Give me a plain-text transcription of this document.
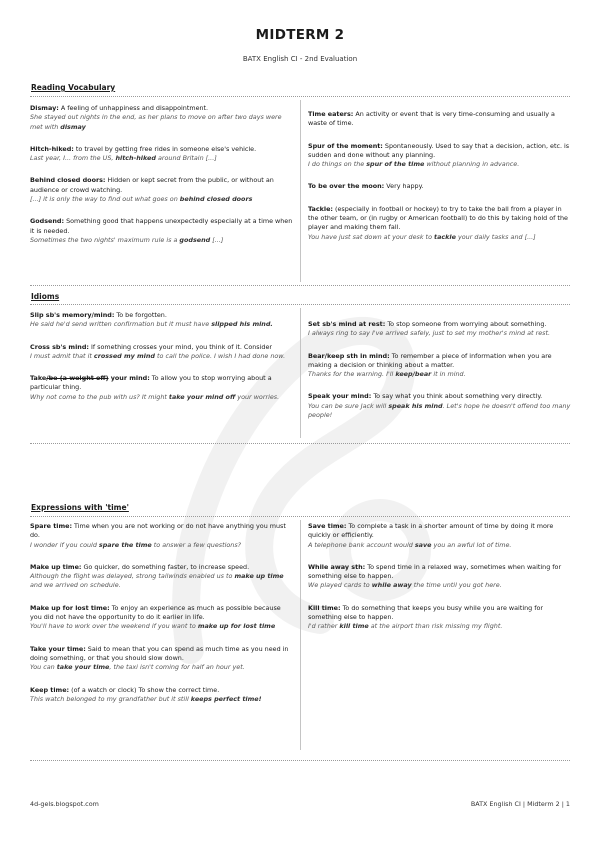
MIDTERM 2
BATX English CI - 2nd Evaluation
Reading Vocabulary
Dismay: A feeling of unhappiness and disappointment.
She stayed out nights in the end, as her plans to move on after two days were met with dismay
Hitch-hiked: to travel by getting free rides in someone else's vehicle.
Last year, I... from the US, hitch-hiked around Britain [...]
Behind closed doors: Hidden or kept secret from the public, or without an audience or crowd watching.
[...] it is only the way to find out what goes on behind closed doors
Godsend: Something good that happens unexpectedly especially at a time when it is needed.
Sometimes the two nights' maximum rule is a godsend [...]
Time eaters: An activity or event that is very time-consuming and usually a waste of time.
Spur of the moment: Spontaneously. Used to say that a decision, action, etc. is sudden and done without any planning.
I do things on the spur of the time without planning in advance.
To be over the moon: Very happy.
Tackle: (especially in football or hockey) to try to take the ball from a player in the other team, or (in rugby or American football) to do this by taking hold of the player and making them fall.
You have just sat down at your desk to tackle your daily tasks and [...]
Idioms
Slip sb's memory/mind: To be forgotten.
He said he'd send written confirmation but it must have slipped his mind.
Cross sb's mind: If something crosses your mind, you think of it. Consider
I must admit that it crossed my mind to call the police. I wish I had done now.
Take/be (a weight off) your mind: To allow you to stop worrying about a particular thing.
Why not come to the pub with us? It might take your mind off your worries.
Set sb's mind at rest: To stop someone from worrying about something.
I always ring to say I've arrived safely, just to set my mother's mind at rest.
Bear/keep sth in mind: To remember a piece of information when you are making a decision or thinking about a matter.
Thanks for the warning. I'll keep/bear it in mind.
Speak your mind: To say what you think about something very directly.
You can be sure Jack will speak his mind. Let's hope he doesn't offend too many people!
Expressions with 'time'
Spare time: Time when you are not working or do not have anything you must do.
I wonder if you could spare the time to answer a few questions?
Make up time: Go quicker, do something faster, to increase speed.
Although the flight was delayed, strong tailwinds enabled us to make up time and we arrived on schedule.
Make up for lost time: To enjoy an experience as much as possible because you did not have the opportunity to do it earlier in life.
You'll have to work over the weekend if you want to make up for lost time
Take your time: Said to mean that you can spend as much time as you need in doing something, or that you should slow down.
You can take your time, the taxi isn't coming for half an hour yet.
Keep time: (of a watch or clock) To show the correct time.
This watch belonged to my grandfather but it still keeps perfect time!
Save time: To complete a task in a shorter amount of time by doing it more quickly or efficiently.
A telephone bank account would save you an awful lot of time.
While away sth: To spend time in a relaxed way, sometimes when waiting for something else to happen.
We played cards to while away the time until you got here.
Kill time: To do something that keeps you busy while you are waiting for something else to happen.
I'd rather kill time at the airport than risk missing my flight.
4d-gels.blogspot.com	BATX English CI | Midterm 2 | 1
